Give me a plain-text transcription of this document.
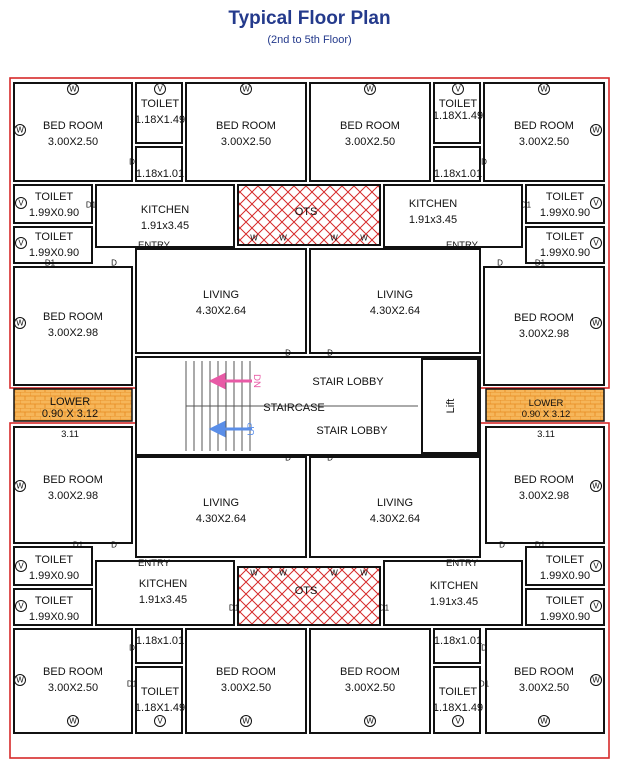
Typical Floor Plan
(2nd to 5th Floor)
BED ROOM
3.00X2.50
BED ROOM
3.00X2.50
BED ROOM
3.00X2.50
BED ROOM
3.00X2.50
TOILET
1.18X1.49
1.18x1.01
TOILET
1.18X1.49
1.18x1.01
TOILET
1.99X0.90
TOILET
1.99X0.90
TOILET
1.99X0.90
TOILET
1.99X0.90
KITCHEN
1.91x3.45
KITCHEN
1.91x3.45
ENTRY	ENTRY
OTS
BED ROOM
3.00X2.98
BED ROOM
3.00X2.98
LIVING
4.30X2.64
LIVING
4.30X2.64
STAIR LOBBY
STAIRCASE
STAIR LOBBY
Lift
DN
UP
LOWER
0.90 X 3.12
LOWER
0.90 X 3.12
3.11	3.11
BED ROOM
3.00X2.98
BED ROOM
3.00X2.98
LIVING
4.30X2.64
LIVING
4.30X2.64
TOILET
1.99X0.90
TOILET
1.99X0.90
TOILET
1.99X0.90
TOILET
1.99X0.90
ENTRY	ENTRY
KITCHEN
1.91x3.45
KITCHEN
1.91x3.45
OTS
1.18x1.01	1.18x1.01
TOILET
1.18X1.49
TOILET
1.18X1.49
BED ROOM
3.00X2.50
BED ROOM
3.00X2.50
BED ROOM
3.00X2.50
BED ROOM
3.00X2.50
W	W	W	W
V	V
W	W
V
V
V
V
W	W
W	W
V
V
V
V
W	W
W	W	W	W
V	V
W	W	W	W
W	W	W	W
D	D
D1	D1
D1	D	D	D1
D	D
D	D
D1	D	D	D1
D1	D1
D	D
D1
D1
